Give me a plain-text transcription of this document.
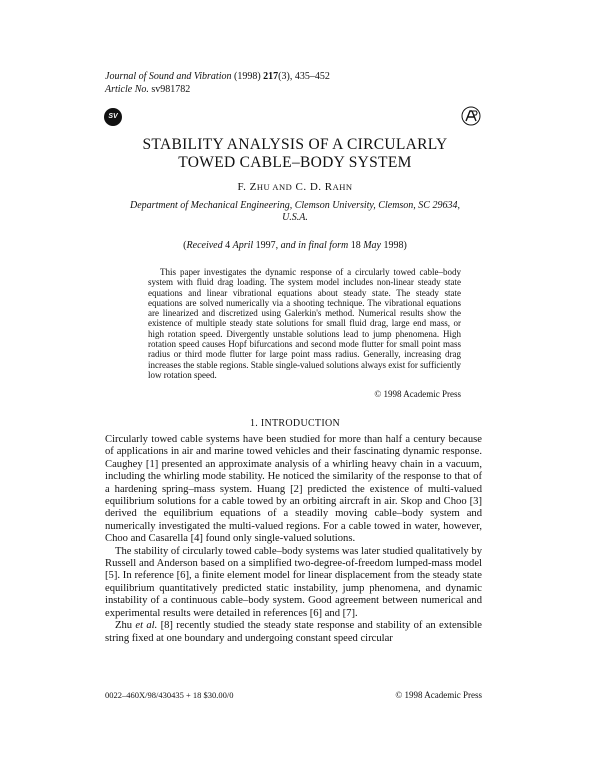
Journal of Sound and Vibration (1998) 217(3), 435–452
Article No. sv981782
SV
STABILITY ANALYSIS OF A CIRCULARLY
TOWED CABLE–BODY SYSTEM
F. ZHU AND C. D. RAHN
Department of Mechanical Engineering, Clemson University, Clemson, SC 29634,
U.S.A.
(Received 4 April 1997, and in final form 18 May 1998)
This paper investigates the dynamic response of a circularly towed cable–body system with fluid drag loading. The system model includes non-linear steady state equations and linear vibrational equations about steady state. The steady state equations are solved numerically via a shooting technique. The vibrational equations are linearized and discretized using Galerkin's method. Numerical results show the existence of multiple steady state solutions for small fluid drag, large end mass, or high rotation speed. Divergently unstable solutions lead to jump phenomena. High rotation speed causes Hopf bifurcations and second mode flutter for small point mass radius or third mode flutter for large point mass radius. Generally, increasing drag increases the stable regions. Stable single-valued solutions always exist for sufficiently low rotation speed.
© 1998 Academic Press
1. INTRODUCTION

Circularly towed cable systems have been studied for more than half a century because of applications in air and marine towed vehicles and their fascinating dynamic response. Caughey [1] presented an approximate analysis of a whirling heavy chain in a vacuum, including the whirling mode stability. He noticed the similarity of the response to that of a hardening spring–mass system. Huang [2] predicted the existence of multi-valued equilibrium solutions for a cable towed by an orbiting aircraft in air. Skop and Choo [3] derived the equilibrium equations of a steadily moving cable–body system and numerically investigated the multi-valued regions. For a cable towed in water, however, Choo and Casarella [4] found only single-valued solutions.

The stability of circularly towed cable–body systems was later studied qualitatively by Russell and Anderson based on a simplified two-degree-of-freedom lumped-mass model [5]. In reference [6], a finite element model for linear displacement from the steady state equilibrium quantitatively predicted static instability, jump phenomena, and dynamic instability of a continuous cable–body system. Good agreement between numerical and experimental results were detailed in references [6] and [7].

Zhu et al. [8] recently studied the steady state response and stability of an extensible string fixed at one boundary and undergoing constant speed circular

0022–460X/98/430435 + 18 $30.00/0	© 1998 Academic Press
